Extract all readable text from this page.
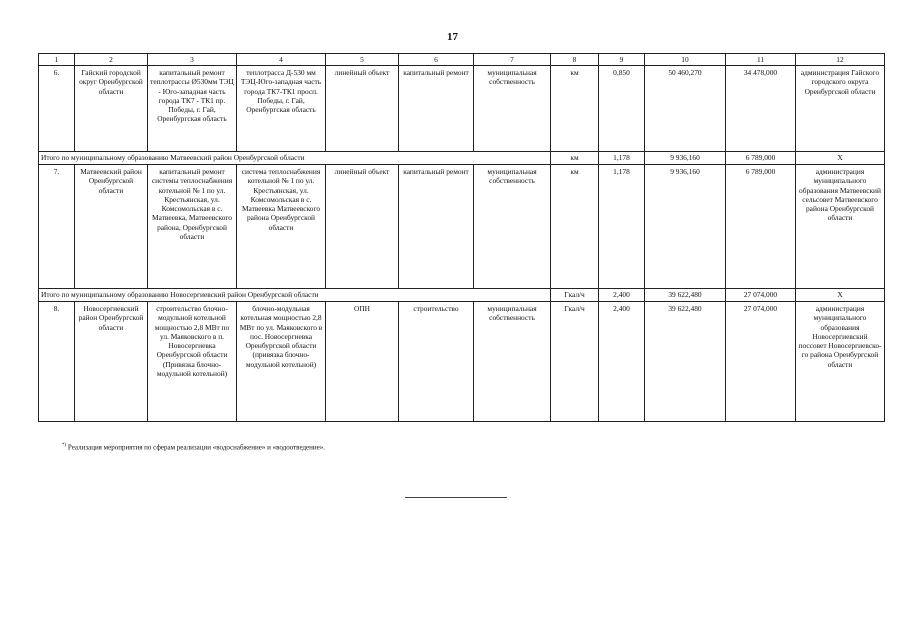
17
1	2	3	4	5	6	7	8	9	10	11	12
6.	Гайский городской округ Оренбургской области	капитальный ремонт теплотрассы Ø530мм ТЭЦ - Юго-западная часть города ТК7 - ТК1 пр. Победы, г. Гай, Оренбургская область	теплотрасса Д-530 мм ТЭЦ-Юго-западная часть города ТК7-ТК1 просп. Победы, г. Гай, Оренбургская область	линейный объект	капитальный ремонт	муниципальная собственность	км	0,850	50 460,270	34 478,000	администрация Гайского городского округа Оренбургской области
Итого по муниципальному образованию Матвеевский район Оренбургской области							км	1,178	9 936,160	6 789,000	X
7.	Матвеевский район Оренбургской области	капитальный ремонт системы теплоснабжения котельной № 1 по ул. Крестьянская, ул. Комсомольская в с. Матвеевка, Матвеевского района, Оренбургской области	система теплоснабжения котельной № 1 по ул. Крестьянская, ул. Комсомольская в с. Матвеевка Матвеевского района Оренбургской области	линейный объект	капитальный ремонт	муниципальная собственность	км	1,178	9 936,160	6 789,000	администрация муниципального образования Матвеевский сельсовет Матвеевского района Оренбургской области
Итого по муниципальному образованию Новосергиевский район Оренбургской области							Гкал/ч	2,400	39 622,480	27 074,000	X
8.	Новосергиевский район Оренбургской области	строительство блочно-модульной котельной мощностью 2,8 МВт по ул. Маяковского в п. Новосергиевка Оренбургской области (Привязка блочно-модульной котельной)	блочно-модульная котельная мощностью 2,8 МВт по ул. Маяковского в пос. Новосергиевка Оренбургской области (привязка блочно-модульной котельной)	ОПН	строительство	муниципальная собственность	Гкал/ч	2,400	39 622,480	27 074,000	администрация муниципального образования Новосергиевский поссовет Новосергиевско-го района Оренбургской области
*) Реализация мероприятия по сферам реализации «водоснабжение» и «водоотведение».
